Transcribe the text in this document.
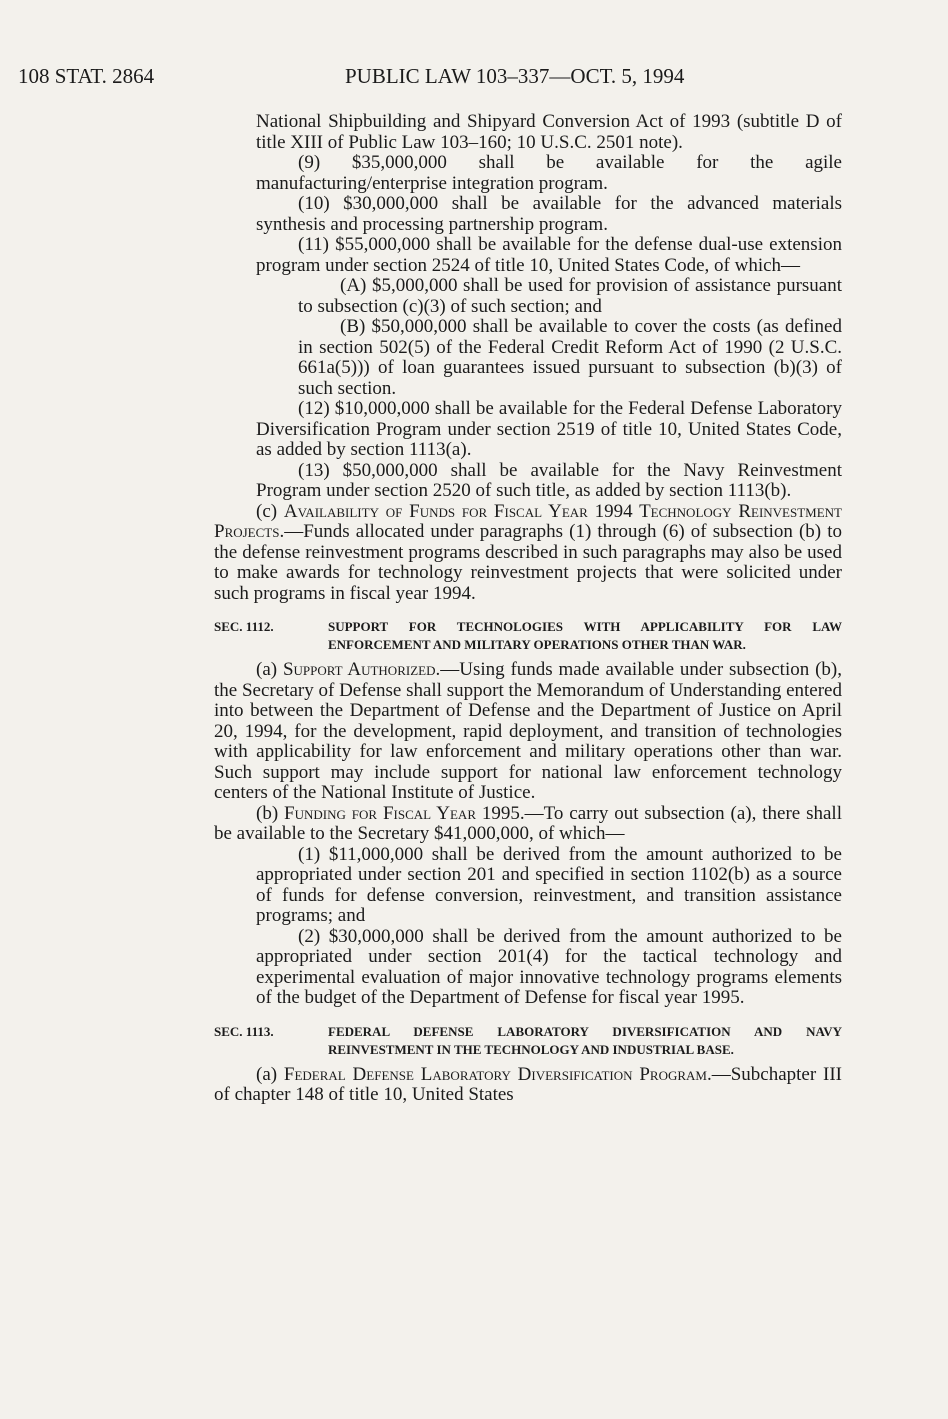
108 STAT. 2864	PUBLIC LAW 103–337—OCT. 5, 1994

National Shipbuilding and Shipyard Conversion Act of 1993 (subtitle D of title XIII of Public Law 103–160; 10 U.S.C. 2501 note).

(9) $35,000,000 shall be available for the agile manufacturing/enterprise integration program.

(10) $30,000,000 shall be available for the advanced materials synthesis and processing partnership program.

(11) $55,000,000 shall be available for the defense dual-use extension program under section 2524 of title 10, United States Code, of which—

(A) $5,000,000 shall be used for provision of assistance pursuant to subsection (c)(3) of such section; and

(B) $50,000,000 shall be available to cover the costs (as defined in section 502(5) of the Federal Credit Reform Act of 1990 (2 U.S.C. 661a(5))) of loan guarantees issued pursuant to subsection (b)(3) of such section.

(12) $10,000,000 shall be available for the Federal Defense Laboratory Diversification Program under section 2519 of title 10, United States Code, as added by section 1113(a).

(13) $50,000,000 shall be available for the Navy Reinvestment Program under section 2520 of such title, as added by section 1113(b).

(c) Availability of Funds for Fiscal Year 1994 Technology Reinvestment Projects.—Funds allocated under paragraphs (1) through (6) of subsection (b) to the defense reinvestment programs described in such paragraphs may also be used to make awards for technology reinvestment projects that were solicited under such programs in fiscal year 1994.

SEC. 1112.	SUPPORT FOR TECHNOLOGIES WITH APPLICABILITY FOR LAW ENFORCEMENT AND MILITARY OPERATIONS OTHER THAN WAR.

(a) Support Authorized.—Using funds made available under subsection (b), the Secretary of Defense shall support the Memorandum of Understanding entered into between the Department of Defense and the Department of Justice on April 20, 1994, for the development, rapid deployment, and transition of technologies with applicability for law enforcement and military operations other than war. Such support may include support for national law enforcement technology centers of the National Institute of Justice.

(b) Funding for Fiscal Year 1995.—To carry out subsection (a), there shall be available to the Secretary $41,000,000, of which—

(1) $11,000,000 shall be derived from the amount authorized to be appropriated under section 201 and specified in section 1102(b) as a source of funds for defense conversion, reinvestment, and transition assistance programs; and

(2) $30,000,000 shall be derived from the amount authorized to be appropriated under section 201(4) for the tactical technology and experimental evaluation of major innovative technology programs elements of the budget of the Department of Defense for fiscal year 1995.

SEC. 1113.	FEDERAL DEFENSE LABORATORY DIVERSIFICATION AND NAVY REINVESTMENT IN THE TECHNOLOGY AND INDUSTRIAL BASE.

(a) Federal Defense Laboratory Diversification Program.—Subchapter III of chapter 148 of title 10, United States
